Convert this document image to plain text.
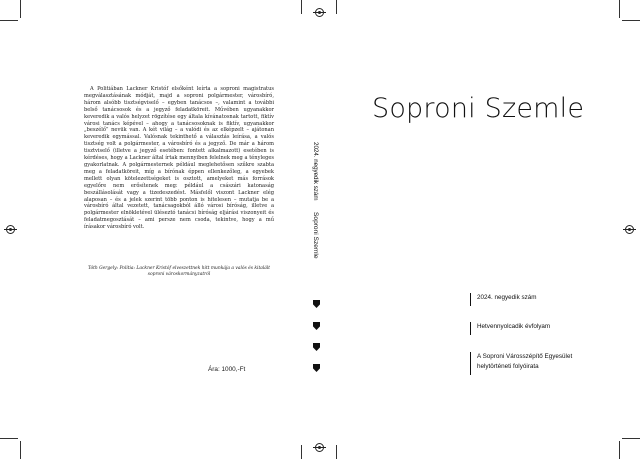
A Politiában Lackner Kristóf elsőként leírta a soproni magistratus megválasztásának módját, majd a soproni polgármester, városbíró, három alsóbb tisztségviselő – egyben tanácsos –, valamint a további belső tanácsosok és a jegyző feladatköreit. Művében ugyanakkor keveredik a valós helyzet rögzítése egy általa kívánatosnak tartott, fiktív városi tanács képével – ahogy a tanácsosoknak is fiktív, ugyanakkor „beszélő” nevük van. A két világ – a valódi és az elképzelt – ajátonan keveredik egymással. Valósnak tekinthető a választás leírása, a valós tisztség volt a polgármester, a városbíró és a jegyző. De már a három tisztviselő (illetve a jegyző esetében: fontett alkalmazott) esetében is kérdéses, hogy a Lackner által írtak mennyiben felelnek meg a tényleges gyakorlatnak. A polgármesternek például meglehetősen szűkre szabta meg a feladatköreit, míg a bírónak éppen ellenkezőleg, a egyebek mellett olyan kötelezettségeket is osztott, amelyeket más források egyelőre nem erősítenek meg: például a császári katonaság beszállásolását vagy a tizedeszedést. Másfelől viszont Lackner elég alaposan – és a jelek szerint több ponton is hitelesen – mutatja be a városbíró által vezetett, tanácsagokból álló városi bíróság, illetve a polgármester elnökletével üléseztó tanácsi bíróság eljárási viszonyeit és feladatmegosztását – ami persze nem csoda, tekintve, hogy a mű írásakor városbíró volt.

Tóth Gergely: Politia: Lackner Kristóf elveszettnek hitt munkája a valós és kitalált soproni városkormányzatról
Ára: 1000,-Ft
2024. negyedik szám
Soproni Szemle
Soproni Szemle
2024. negyedik szám
Hetvennyolcadik évfolyam
A Soproni Városszépítő Egyesület
helytörténeti folyóirata
